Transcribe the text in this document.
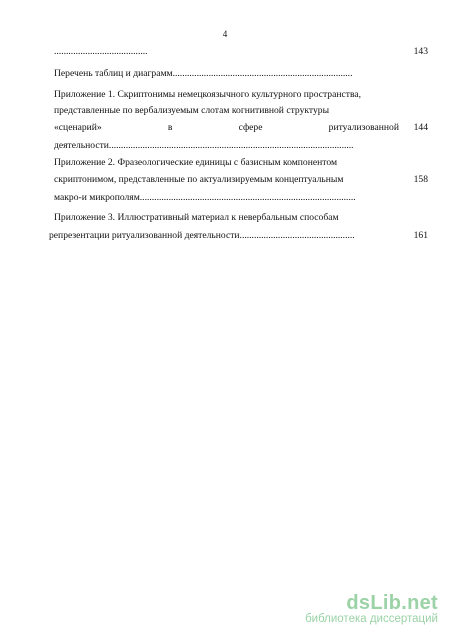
4
.......................................	143
Перечень таблиц и диаграмм...........................................................................
Приложение 1. Скриптонимы немецкоязычного культурного пространства,
представленные по вербализуемым слотам когнитивной структуры
«сценарий»	в	сфере	ритуализованной 144
деятельности......................................................................................................
Приложение 2. Фразеологические единицы с базисным компонентом
скриптонимом, представленные по актуализируемым концептуальным	158
макро-и микрополям..........................................................................................
Приложение 3. Иллюстративный материал к невербальным способам
репрезентации ритуализованной деятельности................................................	161
dsLib.net
библиотека диссертаций
